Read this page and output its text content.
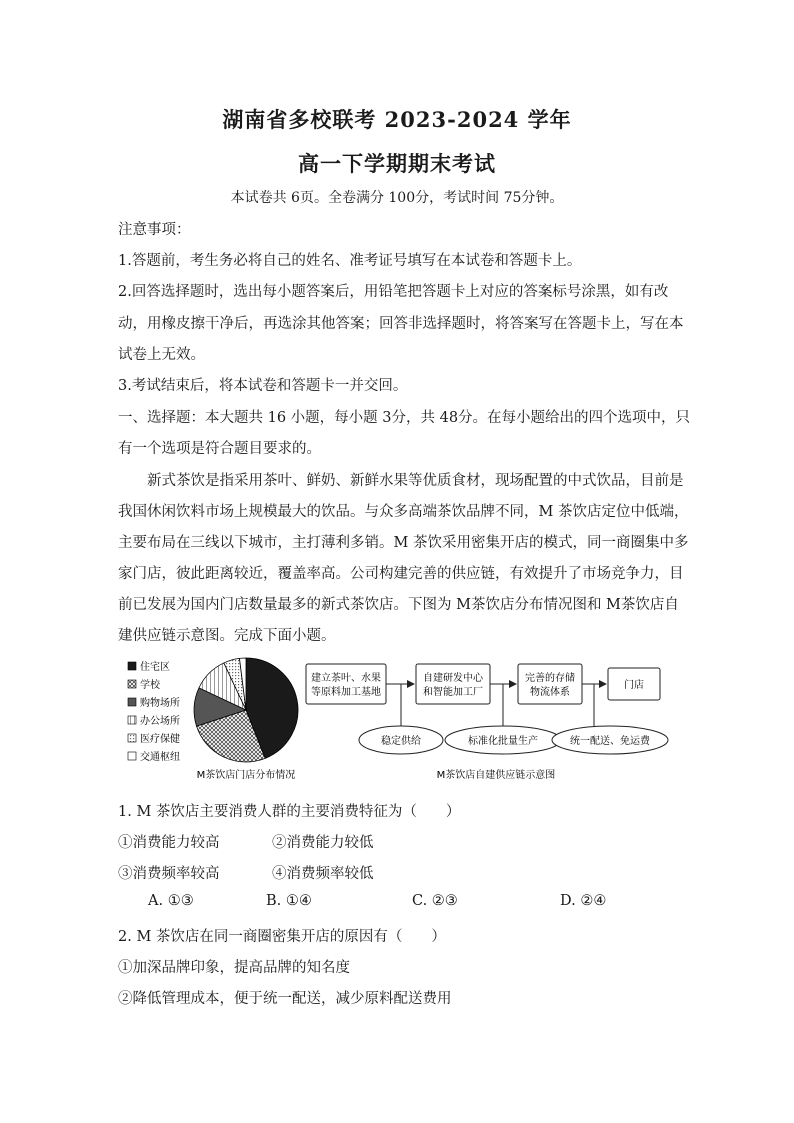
湖南省多校联考 2023-2024 学年
高一下学期期末考试
本试卷共 6页。全卷满分 100分，考试时间 75分钟。
注意事项：
1.答题前，考生务必将自己的姓名、准考证号填写在本试卷和答题卡上。
2.回答选择题时，选出每小题答案后，用铅笔把答题卡上对应的答案标号涂黑，如有改
动，用橡皮擦干净后，再选涂其他答案；回答非选择题时，将答案写在答题卡上，写在本
试卷上无效。
3.考试结束后，将本试卷和答题卡一并交回。
一、选择题：本大题共 16 小题，每小题 3分，共 48分。在每小题给出的四个选项中，只
有一个选项是符合题目要求的。
新式茶饮是指采用茶叶、鲜奶、新鲜水果等优质食材，现场配置的中式饮品，目前是
我国休闲饮料市场上规模最大的饮品。与众多高端茶饮品牌不同，M 茶饮店定位中低端，
主要布局在三线以下城市，主打薄利多销。M 茶饮采用密集开店的模式，同一商圈集中多
家门店，彼此距离较近，覆盖率高。公司构建完善的供应链，有效提升了市场竞争力，目
前已发展为国内门店数量最多的新式茶饮店。下图为 M茶饮店分布情况图和 M茶饮店自
建供应链示意图。完成下面小题。
住宅区
学校
购物场所
办公场所
医疗保健
交通枢纽
M茶饮店门店分布情况
建立茶叶、水果
等原料加工基地
自建研发中心
和智能加工厂
完善的存储
物流体系
门店
稳定供给	标准化批量生产	统一配送、免运费
M茶饮店自建供应链示意图
1. M 茶饮店主要消费人群的主要消费特征为（　　）
①消费能力较高	②消费能力较低
③消费频率较高	④消费频率较低
A. ①③	B. ①④	C. ②③	D. ②④
2. M 茶饮店在同一商圈密集开店的原因有（　　）
①加深品牌印象，提高品牌的知名度
②降低管理成本，便于统一配送，减少原料配送费用
